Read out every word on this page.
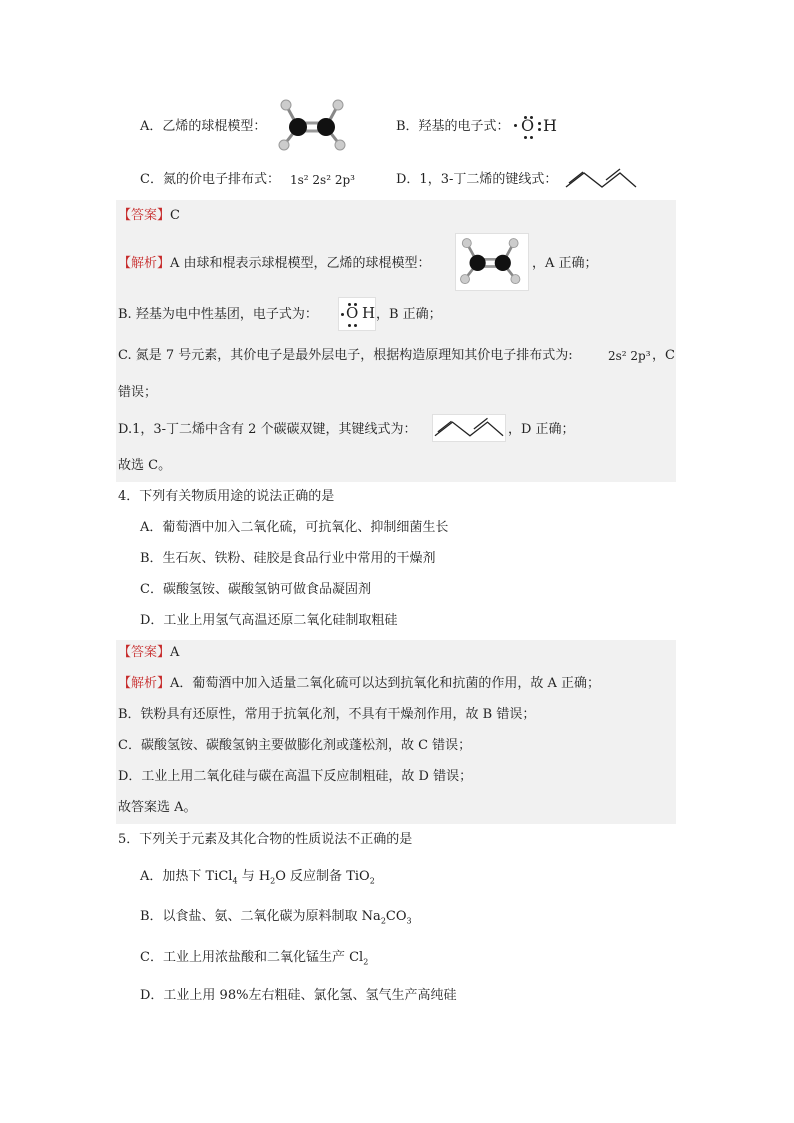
A．乙烯的球棍模型：	B．羟基的电子式： O H
C．氮的价电子排布式： 1s² 2s² 2p³	D．1，3-丁二烯的键线式：
【答案】C
【解析】A 由球和棍表示球棍模型，乙烯的球棍模型：	，A 正确；
B. 羟基为电中性基团，电子式为： O H ，B 正确；
C. 氮是 7 号元素，其价电子是最外层电子，根据构造原理知其价电子排布式为:	2s² 2p³ ，C
错误；
D.1，3-丁二烯中含有 2 个碳碳双键，其键线式为：	，D 正确；
故选 C。
4．下列有关物质用途的说法正确的是
A．葡萄酒中加入二氧化硫，可抗氧化、抑制细菌生长
B．生石灰、铁粉、硅胶是食品行业中常用的干燥剂
C．碳酸氢铵、碳酸氢钠可做食品凝固剂
D．工业上用氢气高温还原二氧化硅制取粗硅
【答案】A
【解析】A．葡萄酒中加入适量二氧化硫可以达到抗氧化和抗菌的作用，故 A 正确；
B．铁粉具有还原性，常用于抗氧化剂，不具有干燥剂作用，故 B 错误；
C．碳酸氢铵、碳酸氢钠主要做膨化剂或蓬松剂，故 C 错误；
D．工业上用二氧化硅与碳在高温下反应制粗硅，故 D 错误；
故答案选 A。
5．下列关于元素及其化合物的性质说法不正确的是
A．加热下 TiCl$_4$ 与 $H_2O$ 反应制备 TiO$_2$
B．以食盐、氨、二氧化碳为原料制取 $Na_2CO_3$
C．工业上用浓盐酸和二氧化锰生产 $Cl_2$
D．工业上用 98%左右粗硅、氯化氢、氢气生产高纯硅
